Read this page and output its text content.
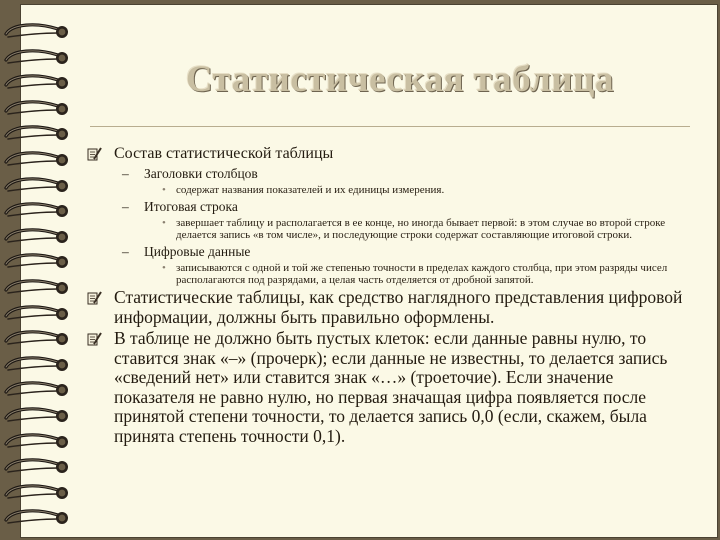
Статистическая таблица
Состав статистической таблицы
– Заголовки столбцов
• содержат названия показателей и их единицы измерения.
– Итоговая строка
• завершает таблицу и располагается в ее конце, но иногда бывает первой: в этом случае во второй строке делается запись «в том числе», и последующие строки содержат составляющие итоговой строки.
– Цифровые данные
• записываются с одной и той же степенью точности в пределах каждого столбца, при этом разряды чисел располагаются под разрядами, а целая часть отделяется от дробной запятой.
Статистические таблицы, как средство наглядного представления цифровой информации, должны быть правильно оформлены.
В таблице не должно быть пустых клеток: если данные равны нулю, то ставится знак «–» (прочерк); если данные не известны, то делается запись «сведений нет» или ставится знак «…» (троеточие). Если значение показателя не равно нулю, но первая значащая цифра появляется после принятой степени точности, то делается запись 0,0 (если, скажем, была принята степень точности 0,1).
